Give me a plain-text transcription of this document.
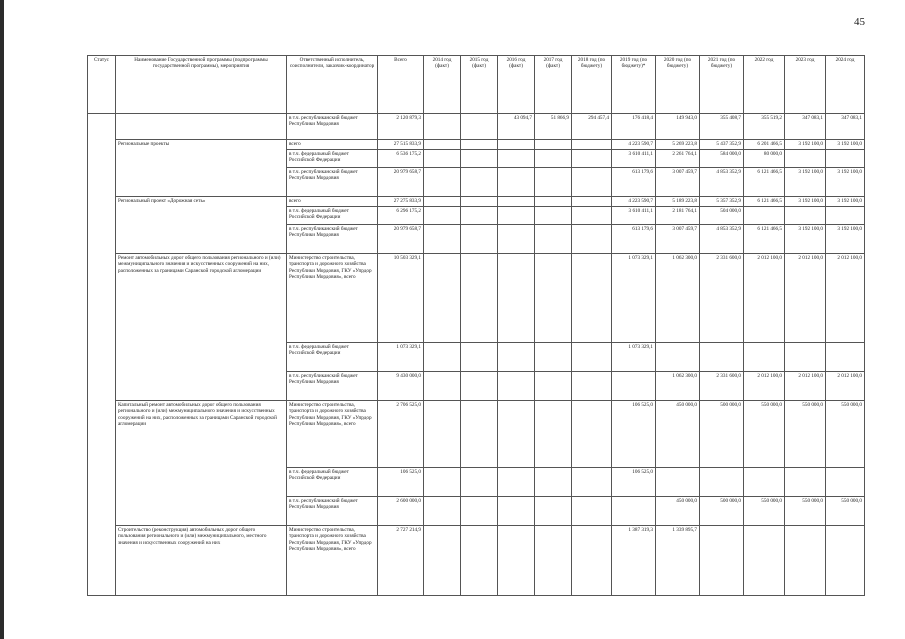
45
Статус	Наименование Государственной программы (подпрограммы государственной программы), мероприятия	Ответственный исполнитель, соисполнители, заказчик-координатор	Всего	2014 год (факт)	2015 год (факт)	2016 год (факт)	2017 год (факт)	2018 год (по бюджету)	2019 год (по бюджету)*	2020 год (по бюджету)	2021 год (по бюджету)	2022 год	2023 год	2024 год
		в т.ч. республиканский бюджет Республики Мордовия	2 120 879,3			43 094,7	51 866,9	294 457,4	176 418,4	149 943,0	355 408,7	355 519,2	347 083,1	347 083,1
	Региональные проекты	всего	27 515 833,9						4 223 590,7	5 269 223,8	5 437 352,9	6 201 466,5	3 192 100,0	3 192 100,0
		в т.ч. федеральный бюджет Российской Федерации	6 536 175,2						3 610 411,1	2 261 764,1	584 000,0	80 000,0		
		в т.ч. республиканский бюджет Республики Мордовия	20 979 658,7						613 179,6	3 007 459,7	4 853 352,9	6 121 466,5	3 192 100,0	3 192 100,0
	Региональный проект «Дорожная сеть»	всего	27 275 833,9						4 223 590,7	5 189 223,8	5 357 352,9	6 121 466,5	3 192 100,0	3 192 100,0
		в т.ч. федеральный бюджет Российской Федерации	6 296 175,2						3 610 411,1	2 181 764,1	504 000,0			
		в т.ч. республиканский бюджет Республики Мордовия	20 979 658,7						613 179,6	3 007 459,7	4 853 352,9	6 121 466,5	3 192 100,0	3 192 100,0
	Ремонт автомобильных дорог общего пользования регионального и (или) межмуниципального значения и искусственных сооружений на них, расположенных за границами Саранской городской агломерации	Министерство строительства, транспорта и дорожного хозяйства Республики Мордовия, ГКУ «Упрдор Республики Мордовия», всего	10 503 329,1						1 073 329,1	1 062 300,0	2 331 600,0	2 012 100,0	2 012 100,0	2 012 100,0
		в т.ч. федеральный бюджет Российской Федерации	1 073 329,1						1 073 329,1					
		в т.ч. республиканский бюджет Республики Мордовия	9 430 000,0							1 062 300,0	2 331 600,0	2 012 100,0	2 012 100,0	2 012 100,0
	Капитальный ремонт автомобильных дорог общего пользования регионального и (или) межмуниципального значения и искусственных сооружений на них, расположенных за границами Саранской городской агломерации	Министерство строительства, транспорта и дорожного хозяйства Республики Мордовия, ГКУ «Упрдор Республики Мордовия», всего	2 706 525,0						106 525,0	450 000,0	500 000,0	550 000,0	550 000,0	550 000,0
		в т.ч. федеральный бюджет Российской Федерации	106 525,0						106 525,0					
		в т.ч. республиканский бюджет Республики Мордовия	2 600 000,0							450 000,0	500 000,0	550 000,0	550 000,0	550 000,0
	Строительство (реконструкция) автомобильных дорог общего пользования регионального и (или) межмуниципального, местного значения и искусственных сооружений на них	Министерство строительства, транспорта и дорожного хозяйства Республики Мордовия, ГКУ «Упрдор Республики Мордовия», всего	2 727 214,9						1 387 319,3	1 339 895,7				
